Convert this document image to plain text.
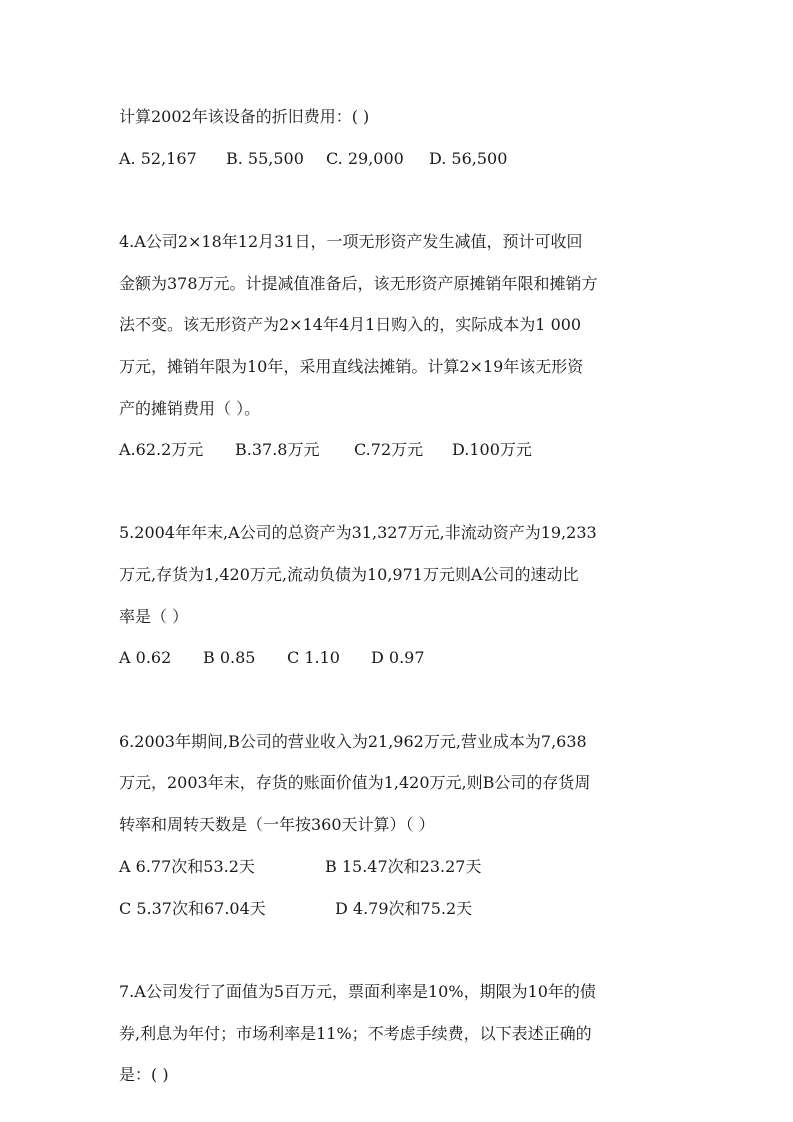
计算2002年该设备的折旧费用：( )
A. 52,167 B. 55,500 C. 29,000 D. 56,500
4.A公司2×18年12月31日，一项无形资产发生减值，预计可收回
金额为378万元。计提减值准备后，该无形资产原摊销年限和摊销方
法不变。该无形资产为2×14年4月1日购入的，实际成本为1 000
万元，摊销年限为10年，采用直线法摊销。计算2×19年该无形资
产的摊销费用（ ）。
A.62.2万元 B.37.8万元 C.72万元 D.100万元
5.2004年年末,A公司的总资产为31,327万元,非流动资产为19,233
万元,存货为1,420万元,流动负债为10,971万元则A公司的速动比
率是（ ）
A 0.62 B 0.85 C 1.10 D 0.97
6.2003年期间,B公司的营业收入为21,962万元,营业成本为7,638
万元，2003年末，存货的账面价值为1,420万元,则B公司的存货周
转率和周转天数是（一年按360天计算）（ ）
A 6.77次和53.2天	B 15.47次和23.27天
C 5.37次和67.04天	D 4.79次和75.2天
7.A公司发行了面值为5百万元，票面利率是10%，期限为10年的债
券,利息为年付；市场利率是11%；不考虑手续费，以下表述正确的
是：( )
